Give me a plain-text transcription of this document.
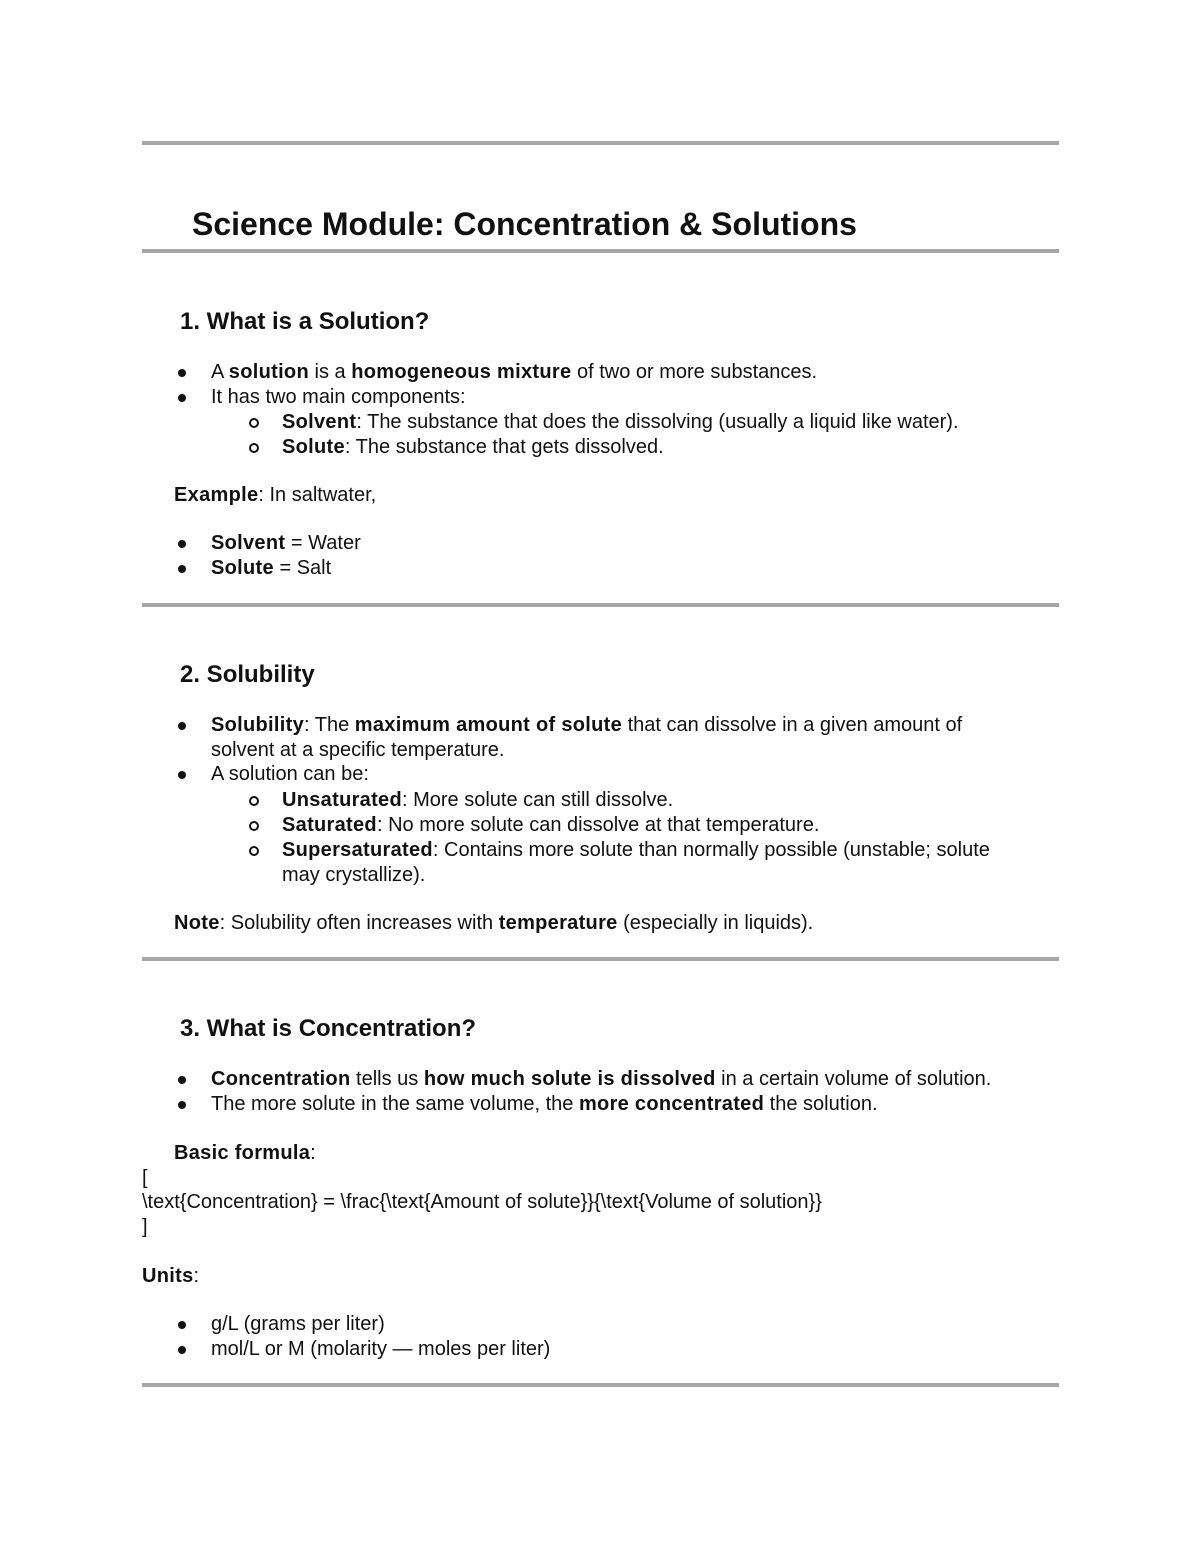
Science Module: Concentration & Solutions
1. What is a Solution?
A solution is a homogeneous mixture of two or more substances.
It has two main components:
Solvent: The substance that does the dissolving (usually a liquid like water).
Solute: The substance that gets dissolved.
Example: In saltwater,
Solvent = Water
Solute = Salt
2. Solubility
Solubility: The maximum amount of solute that can dissolve in a given amount of
solvent at a specific temperature.
A solution can be:
Unsaturated: More solute can still dissolve.
Saturated: No more solute can dissolve at that temperature.
Supersaturated: Contains more solute than normally possible (unstable; solute
may crystallize).
Note: Solubility often increases with temperature (especially in liquids).
3. What is Concentration?
Concentration tells us how much solute is dissolved in a certain volume of solution.
The more solute in the same volume, the more concentrated the solution.
Basic formula:
[
\text{Concentration} = \frac{\text{Amount of solute}}{\text{Volume of solution}}
]
Units:
g/L (grams per liter)
mol/L or M (molarity — moles per liter)
